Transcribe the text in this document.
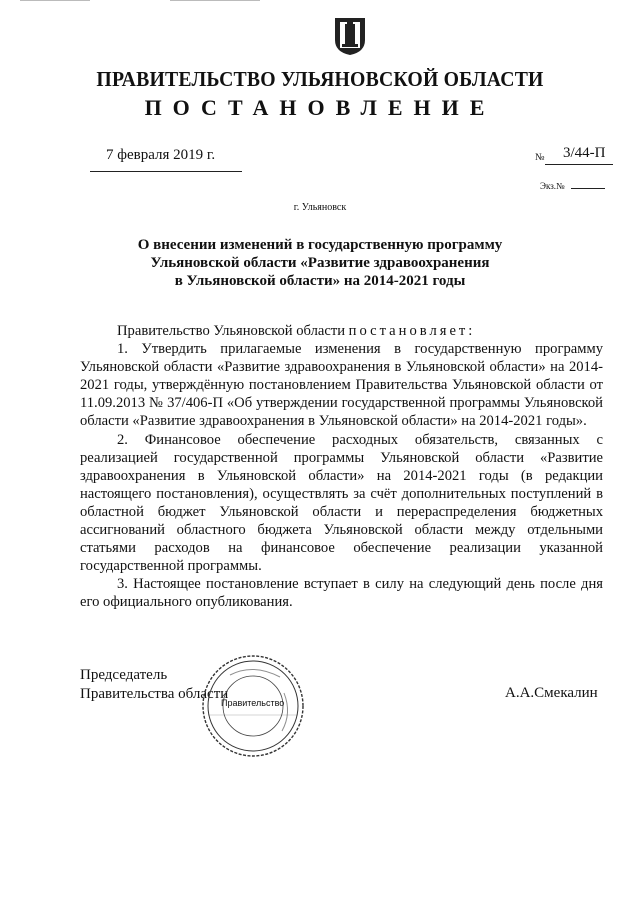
ПРАВИТЕЛЬСТВО УЛЬЯНОВСКОЙ ОБЛАСТИ
ПОСТАНОВЛЕНИЕ
7 февраля 2019 г.	№ 3/44-П
Экз.№
г. Ульяновск
О внесении изменений в государственную программу
Ульяновской области «Развитие здравоохранения
в Ульяновской области» на 2014-2021 годы

Правительство Ульяновской области постановляет:

1. Утвердить прилагаемые изменения в государственную программу Ульяновской области «Развитие здравоохранения в Ульяновской области» на 2014-2021 годы, утверждённую постановлением Правительства Ульяновской области от 11.09.2013 № 37/406-П «Об утверждении государственной программы Ульяновской области «Развитие здравоохранения в Ульяновской области» на 2014-2021 годы».

2. Финансовое обеспечение расходных обязательств, связанных с реализацией государственной программы Ульяновской области «Развитие здравоохранения в Ульяновской области» на 2014-2021 годы (в редакции настоящего постановления), осуществлять за счёт дополнительных поступлений в областной бюджет Ульяновской области и перераспределения бюджетных ассигнований областного бюджета Ульяновской области между отдельными статьями расходов на финансовое обеспечение реализации указанной государственной программы.

3. Настоящее постановление вступает в силу на следующий день после дня его официального опубликования.

Председатель
Правительства области	А.А.Смекалин
Правительство
